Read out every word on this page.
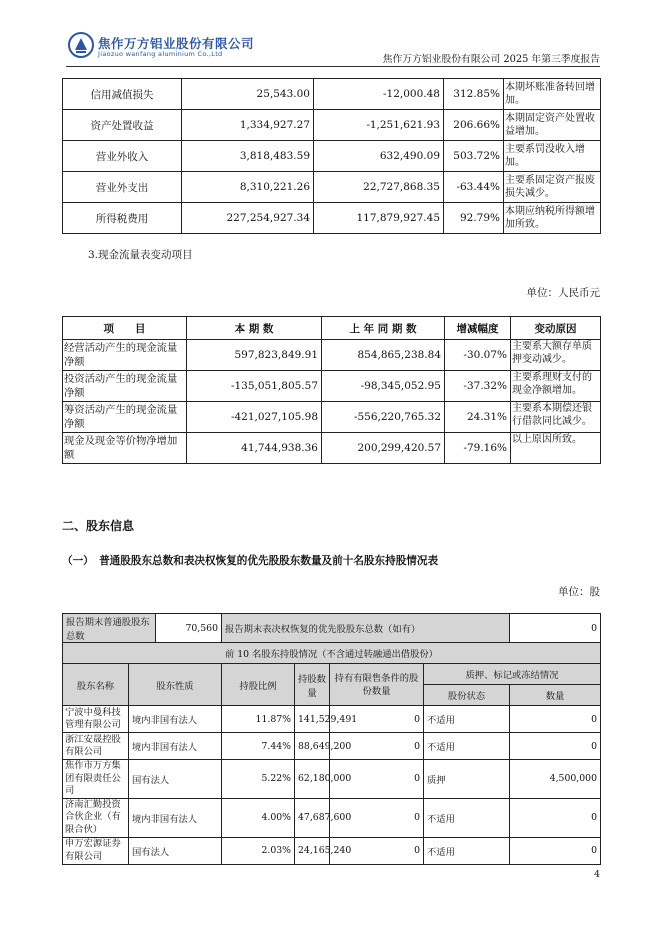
焦作万方铝业股份有限公司
Jiaozuo wanfang aluminium Co.,Ltd	焦作万方铝业股份有限公司 2025 年第三季度报告
信用减值损失	25,543.00	-12,000.48	312.85%	本期坏账准备转回增加。
资产处置收益	1,334,927.27	-1,251,621.93	206.66%	本期固定资产处置收益增加。
营业外收入	3,818,483.59	632,490.09	503.72%	主要系罚没收入增加。
营业外支出	8,310,221.26	22,727,868.35	-63.44%	主要系固定资产报废损失减少。
所得税费用	227,254,927.34	117,879,927.45	92.79%	本期应纳税所得额增加所致。
3.现金流量表变动项目
单位：人民币元
项　　目	本 期 数	上 年 同 期 数	增减幅度	变动原因
经营活动产生的现金流量净额	597,823,849.91	854,865,238.84	-30.07%	主要系大额存单质押变动减少。
投资活动产生的现金流量净额	-135,051,805.57	-98,345,052.95	-37.32%	主要系理财支付的现金净额增加。
筹资活动产生的现金流量净额	-421,027,105.98	-556,220,765.32	24.31%	主要系本期偿还银行借款同比减少。
现金及现金等价物净增加额	41,744,938.36	200,299,420.57	-79.16%	以上原因所致。
二、股东信息
（一）　普通股股东总数和表决权恢复的优先股股东数量及前十名股东持股情况表
单位：股
报告期末普通股股东总数		70,560	报告期末表决权恢复的优先股股东总数（如有）				0
前 10 名股东持股情况（不含通过转融通出借股份）							
股东名称	股东性质		持股比例	持股数量	持有有限售条件的股份数量	质押、标记或冻结情况	
						股份状态	数量
宁波中曼科技管理有限公司	境内非国有法人		11.87%	141,529,491	0	不适用	0
浙江安晟控股有限公司	境内非国有法人		7.44%	88,649,200	0	不适用	0
焦作市万方集团有限责任公司	国有法人		5.22%	62,180,000	0	质押	4,500,000
济南汇勤投资合伙企业（有限合伙）	境内非国有法人		4.00%	47,687,600	0	不适用	0
申万宏源证券有限公司	国有法人		2.03%	24,165,240	0	不适用	0
4
